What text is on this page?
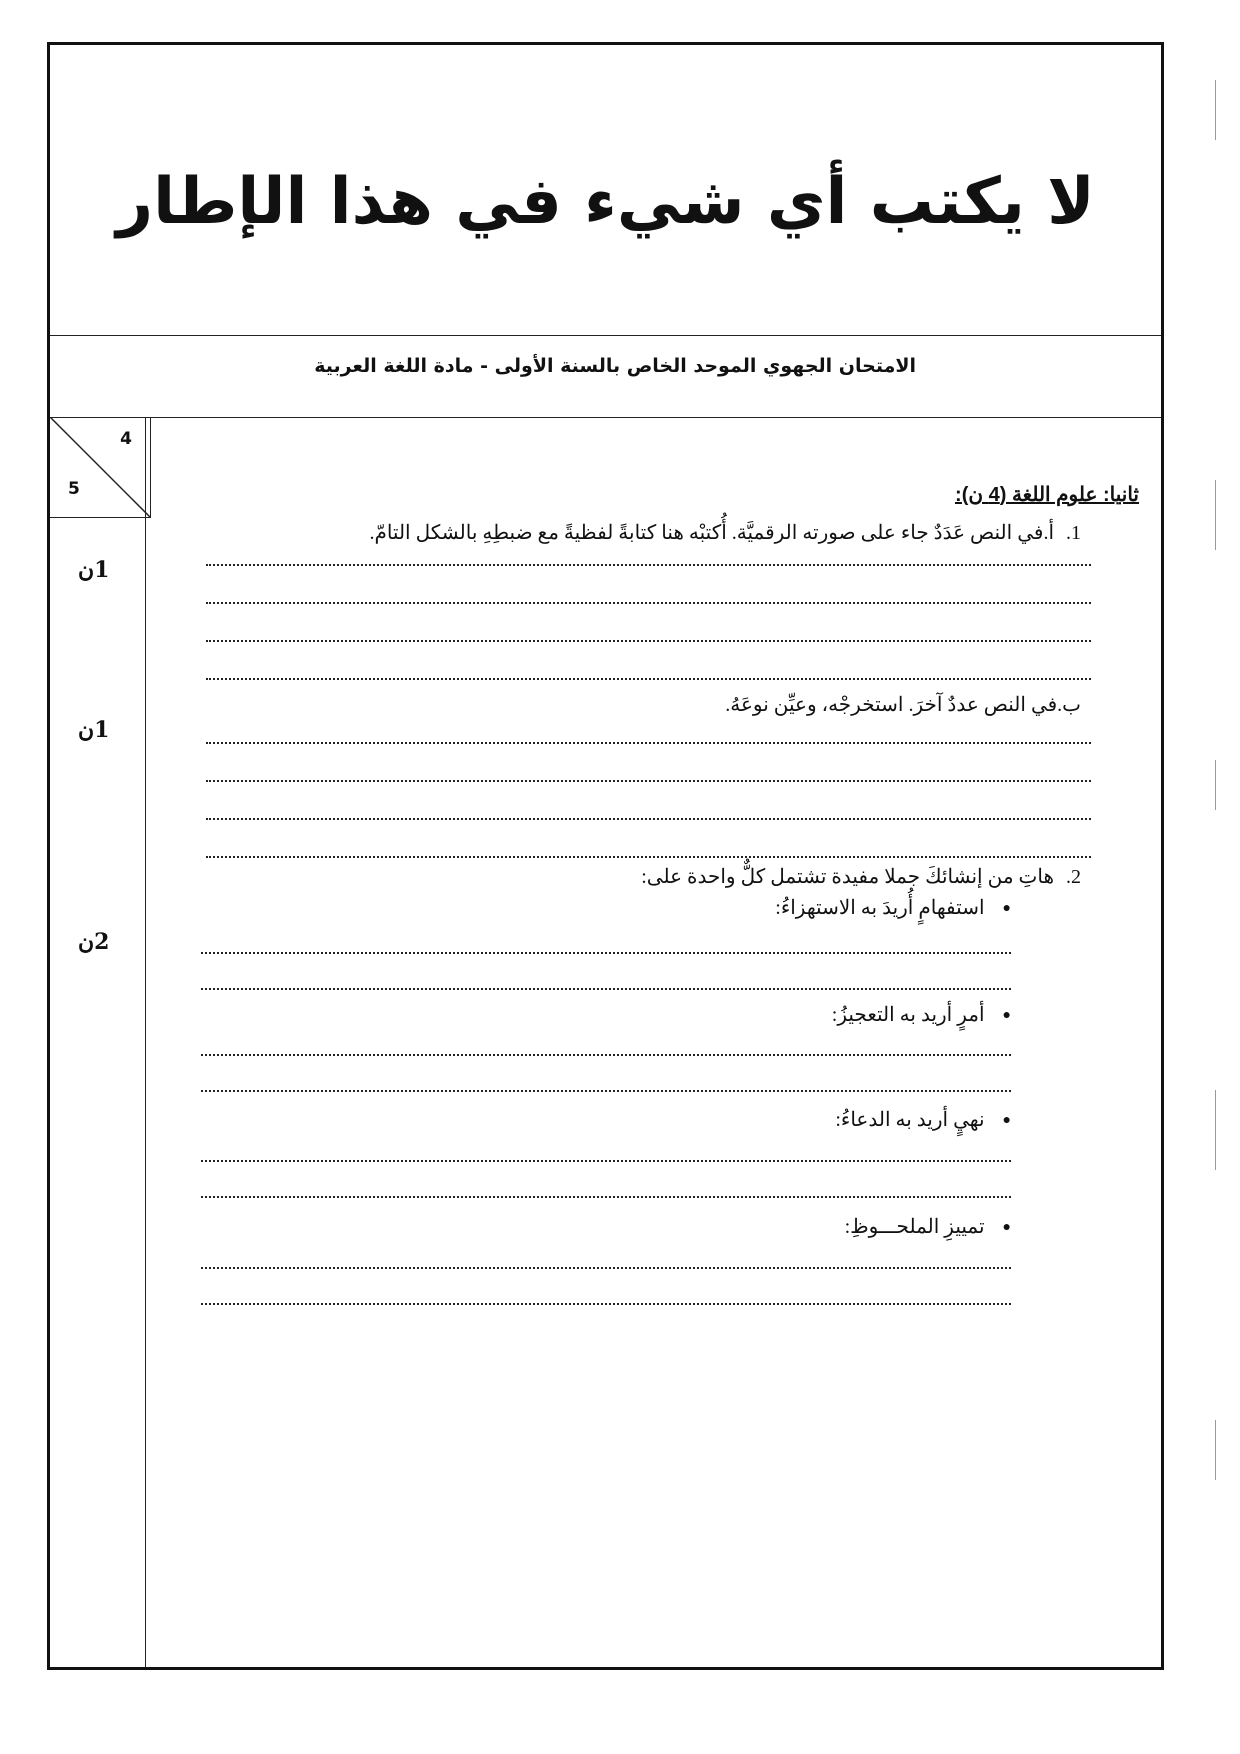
لا يكتب أي شيء في هذا الإطار
الامتحان الجهوي الموحد الخاص بالسنة الأولى - مادة اللغة العربية
4
5
1ن
1ن
2ن
ثانيا: علوم اللغة (4 ن):
1.أ.في النص عَدَدٌ جاء على صورته الرقميَّة. أُكتبْه هنا كتابةً لفظيةً مع ضبطِهِ بالشكل التامّ.
ب.في النص عددٌ آخرَ. استخرجْه، وعيِّن نوعَهُ.
2.هاتِ من إنشائكَ جملا مفيدة تشتمل كلٌّ واحدة على:
●استفهامٍ أُريدَ به الاستهزاءُ:
●أمرٍ أريد به التعجيزُ:
●نهيٍ أريد به الدعاءُ:
●تمييزِ الملحـــوظِ:
